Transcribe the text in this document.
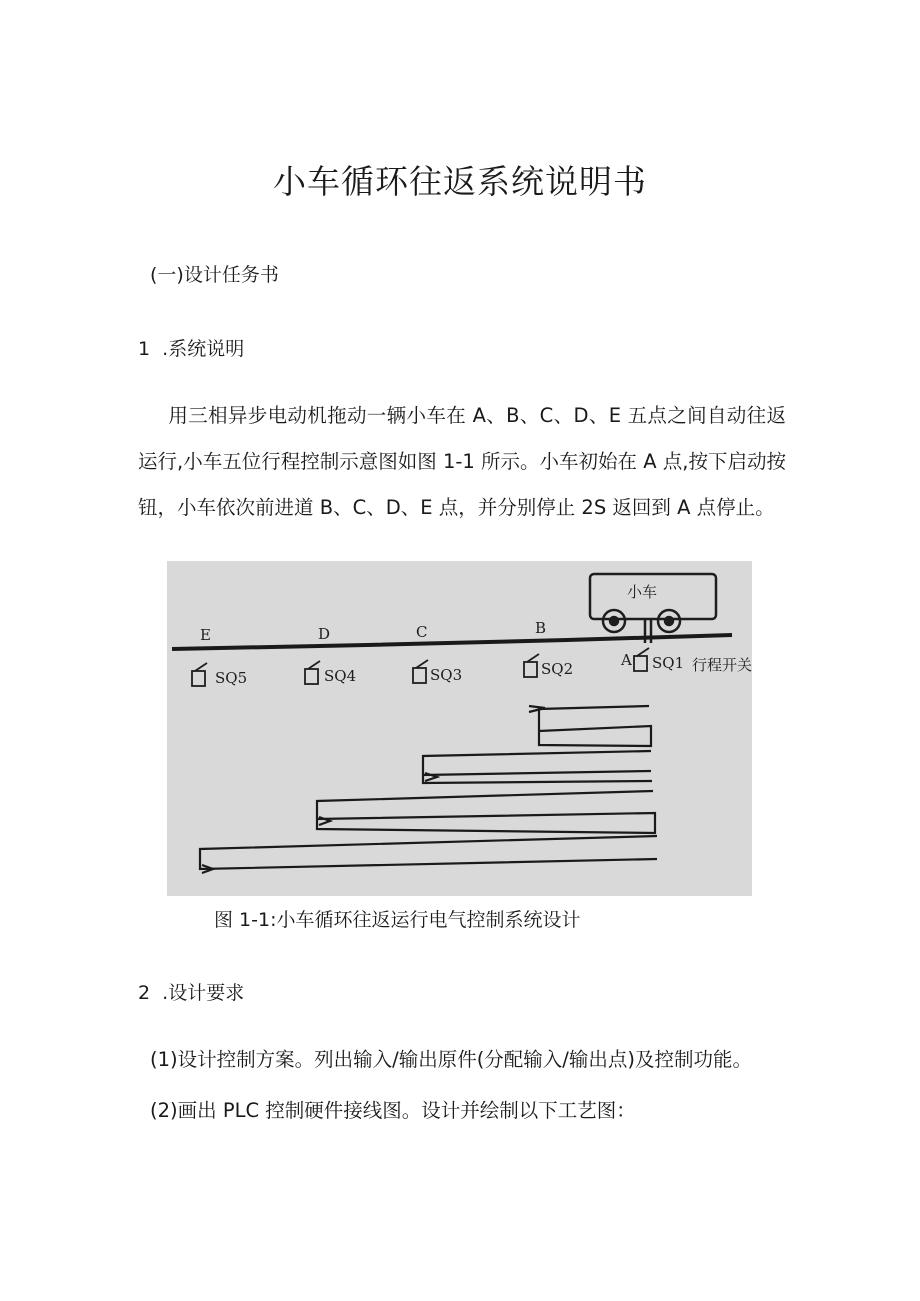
小车循环往返系统说明书
(一)设计任务书
1  .系统说明

用三相异步电动机拖动一辆小车在 A、B、C、D、E 五点之间自动往返运行,小车五位行程控制示意图如图 1-1 所示。小车初始在 A 点,按下启动按钮，小车依次前进道 B、C、D、E 点，并分别停止 2S 返回到 A 点停止。

小车
E	D	C	B
A
SQ5	SQ4	SQ3	SQ2	SQ1 行程开关
图 1-1:小车循环往返运行电气控制系统设计
2  .设计要求
(1)设计控制方案。列出输入/输出原件(分配输入/输出点)及控制功能。
(2)画出 PLC 控制硬件接线图。设计并绘制以下工艺图：
